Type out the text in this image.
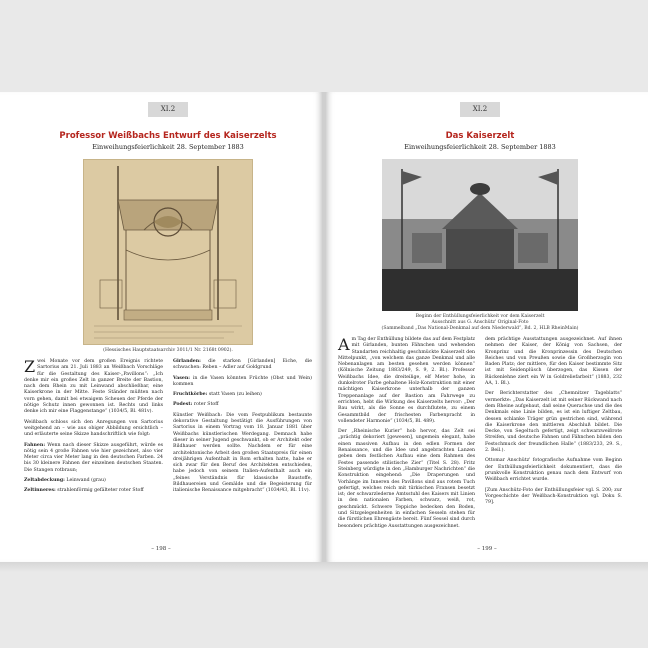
XI.2
Professor Weißbachs Entwurf des Kaiserzelts
Einweihungsfeierlichkeit 28. September 1883
(Hessisches Hauptstaatsarchiv 3011/1 Nr. 2168t 0902).

Zwei Monate vor dem großen Ereignis richtete Sartorius am 21. Juli 1883 an Weißbach Vorschläge für die Gestaltung des Kaiser-„Pavillons“: „Ich denke mir ein großes Zelt in ganzer Breite der Bastion, nach dem Rhein zu mit Leinwand abschließbar, eine Kaiserkrone in der Mitte. Feste Ständer müßten nach vorn gehen, damit bei etwaigem Scheuen der Pferde der nötige Schutz innen gewonnen ist. Rechts und links denke ich mir eine Flaggenstange“ (1034/5, Bl. 481v).

Weißbach schloss sich den Anregungen von Sartorius weitgehend an – wie aus obiger Abbildung ersichtlich – und erläuterte seine Skizze handschriftlich wie folgt:

Fahnen: Wenn nach dieser Skizze ausgeführt, würde es nötig sein 4 große Fahnen wie hier gezeichnet, also vier Meter circa vier Meter lang in den deutschen Farben. 24 bis 30 kleinere Fahnen der einzelnen deutschen Staaten. Die Stangen rotbraun;

Zeltabdeckung: Leinwand (grau)

Zeltinneres: strahlenförmig gefälteter roter Stoff

Girlanden: die starken [Girlanden] Eiche, die schwachen: Reben – Adler auf Goldgrund

Vasen: in die Vasen könnten Früchte (Obst und Wein) kommen

Fruchtkörbe: statt Vasen (zu leihen)

Podest: roter Stoff

Künstler Weißbach: Die vom Festpublikum bestaunte dekorative Gestaltung bestätigt die Ausführungen von Sartorius in einem Vortrag vom 18. Januar 1881 über Weißbachs künstlerischen Werdegang. Demnach habe dieser in seiner Jugend geschwankt, ob er Architekt oder Bildhauer werden sollte. Nachdem er für eine architektonische Arbeit den großen Staatspreis für einen dreijährigen Aufenthalt in Rom erhalten hatte, habe er sich zwar für den Beruf des Architekten entschieden, habe jedoch von seinem Italien-Aufenthalt auch ein „feines Verständnis für klassische Baustoffe, Bildhauereien und Gemälde und die Begeisterung für italienische Renaissance mitgebracht“ (1034/43, Bl. 11v).

– 198 –
XI.2
Das Kaiserzelt
Einweihungsfeierlichkeit 28. September 1883
Beginn der Enthüllungsfeierlichkeit vor dem Kaiserzelt
Ausschnitt aus G. Anschütz' Original-Foto
(Sammelband „Das National-Denkmal auf dem Niederwald“, Bd. 2, HLB RheinMain)

Am Tag der Enthüllung bildete das auf dem Festplatz mit Girlanden, bunten Fähnchen und wehenden Standarten reichhaltig geschmückte Kaiserzelt den Mittelpunkt, „von welchem das ganze Denkmal und alle Nebenanlagen am besten gesehen werden können“ (Kölnische Zeitung 1883/249, S. 9, 2. Bl.). Professor Weißbachs Idee, die dreiteilige, elf Meter hohe, in dunkelroter Farbe gehaltene Holz-Konstruktion mit einer mächtigen Kaiserkrone unterhalb der ganzen Treppenanlage auf der Bastion am Fahrwege zu errichten, hebt die Wirkung des Kaiserzelts hervor: „Der Bau wirkt, als die Sonne es durchflutete, zu einem Gesammtbild der frischesten Farbenpracht in vollendeter Harmonie“ (1034/5, Bl. 489).

Der „Rheinische Kurier“ hob hervor, das Zelt sei „prächtig dekoriert [gewesen], ungemein elegant, habe einen massiven Aufbau in den edlen Formen der Renaissance, und die Idee und angebrachten Lanzen geben dem festlichen Aufbau eine dem Rahmen des Festes passende stilistische Zier“ (Titel S. 28). Fritz Steinberg würdigte in den „Hamburger Nachrichten“ die Konstruktion eingehend: „Die Draperungen und Vorhänge im Inneren des Pavillons sind aus rotem Tuch gefertigt, welches reich mit türkischen Fransen besetzt ist; der schwarzlederne Amtsstuhl des Kaisers mit Linien in den nationalen Farben, schwarz, weiß, rot, geschmückt. Schwere Teppiche bedecken den Boden, und Sitzgelegenheiten in einfachen Sesseln stehen für die fürstlichen Ehrengäste bereit. Fünf Sessel sind durch besonders prächtige Ausstattungen ausgezeichnet.

dem prächtige Ausstattungen ausgezeichnet. Auf ihnen nehmen der Kaiser, der König von Sachsen, der Kronprinz und die Kronprinzessin des Deutschen Reiches und von Preußen sowie die Großherzogin von Baden Platz; der mittlere, für den Kaiser bestimmte Sitz ist mit Seidenplüsch überzogen, das Kissen der Rückenlehne ziert ein W in Goldreliefarbeit“ (1883, 232 AA, 1. Bl.).

Der Berichterstatter des „Chemnitzer Tageblatts“ vermerkte: „Das Kaiserzelt ist mit seiner Rückwand nach dem Rheine aufgebaut, daß seine Querachse und die des Denkmals eine Linie bilden, es ist ein luftiger Zeltbau, dessen schlanke Träger grün gestrichen sind, während die Kaiserkrone den mittleren Abschluß bildet. Die Decke, von Segeltuch gefertigt, zeigt schwarzweißrote Streifen, und deutsche Fahnen und Fähnchen bilden den Festschmuck der freundlichen Halle“ (1883/233, 29. S., 2. Beil.).

Ottomar Anschütz' fotografische Aufnahme vom Beginn der Enthüllungsfeierlichkeit dokumentiert, dass die prunkvolle Konstruktion genau nach dem Entwurf von Weißbach errichtet wurde.

[Zum Anschütz-Foto der Enthüllungsfeier vgl. S. 200; zur Vorgeschichte der Weißbach-Konstruktion vgl. Doku S. 79].

– 199 –
